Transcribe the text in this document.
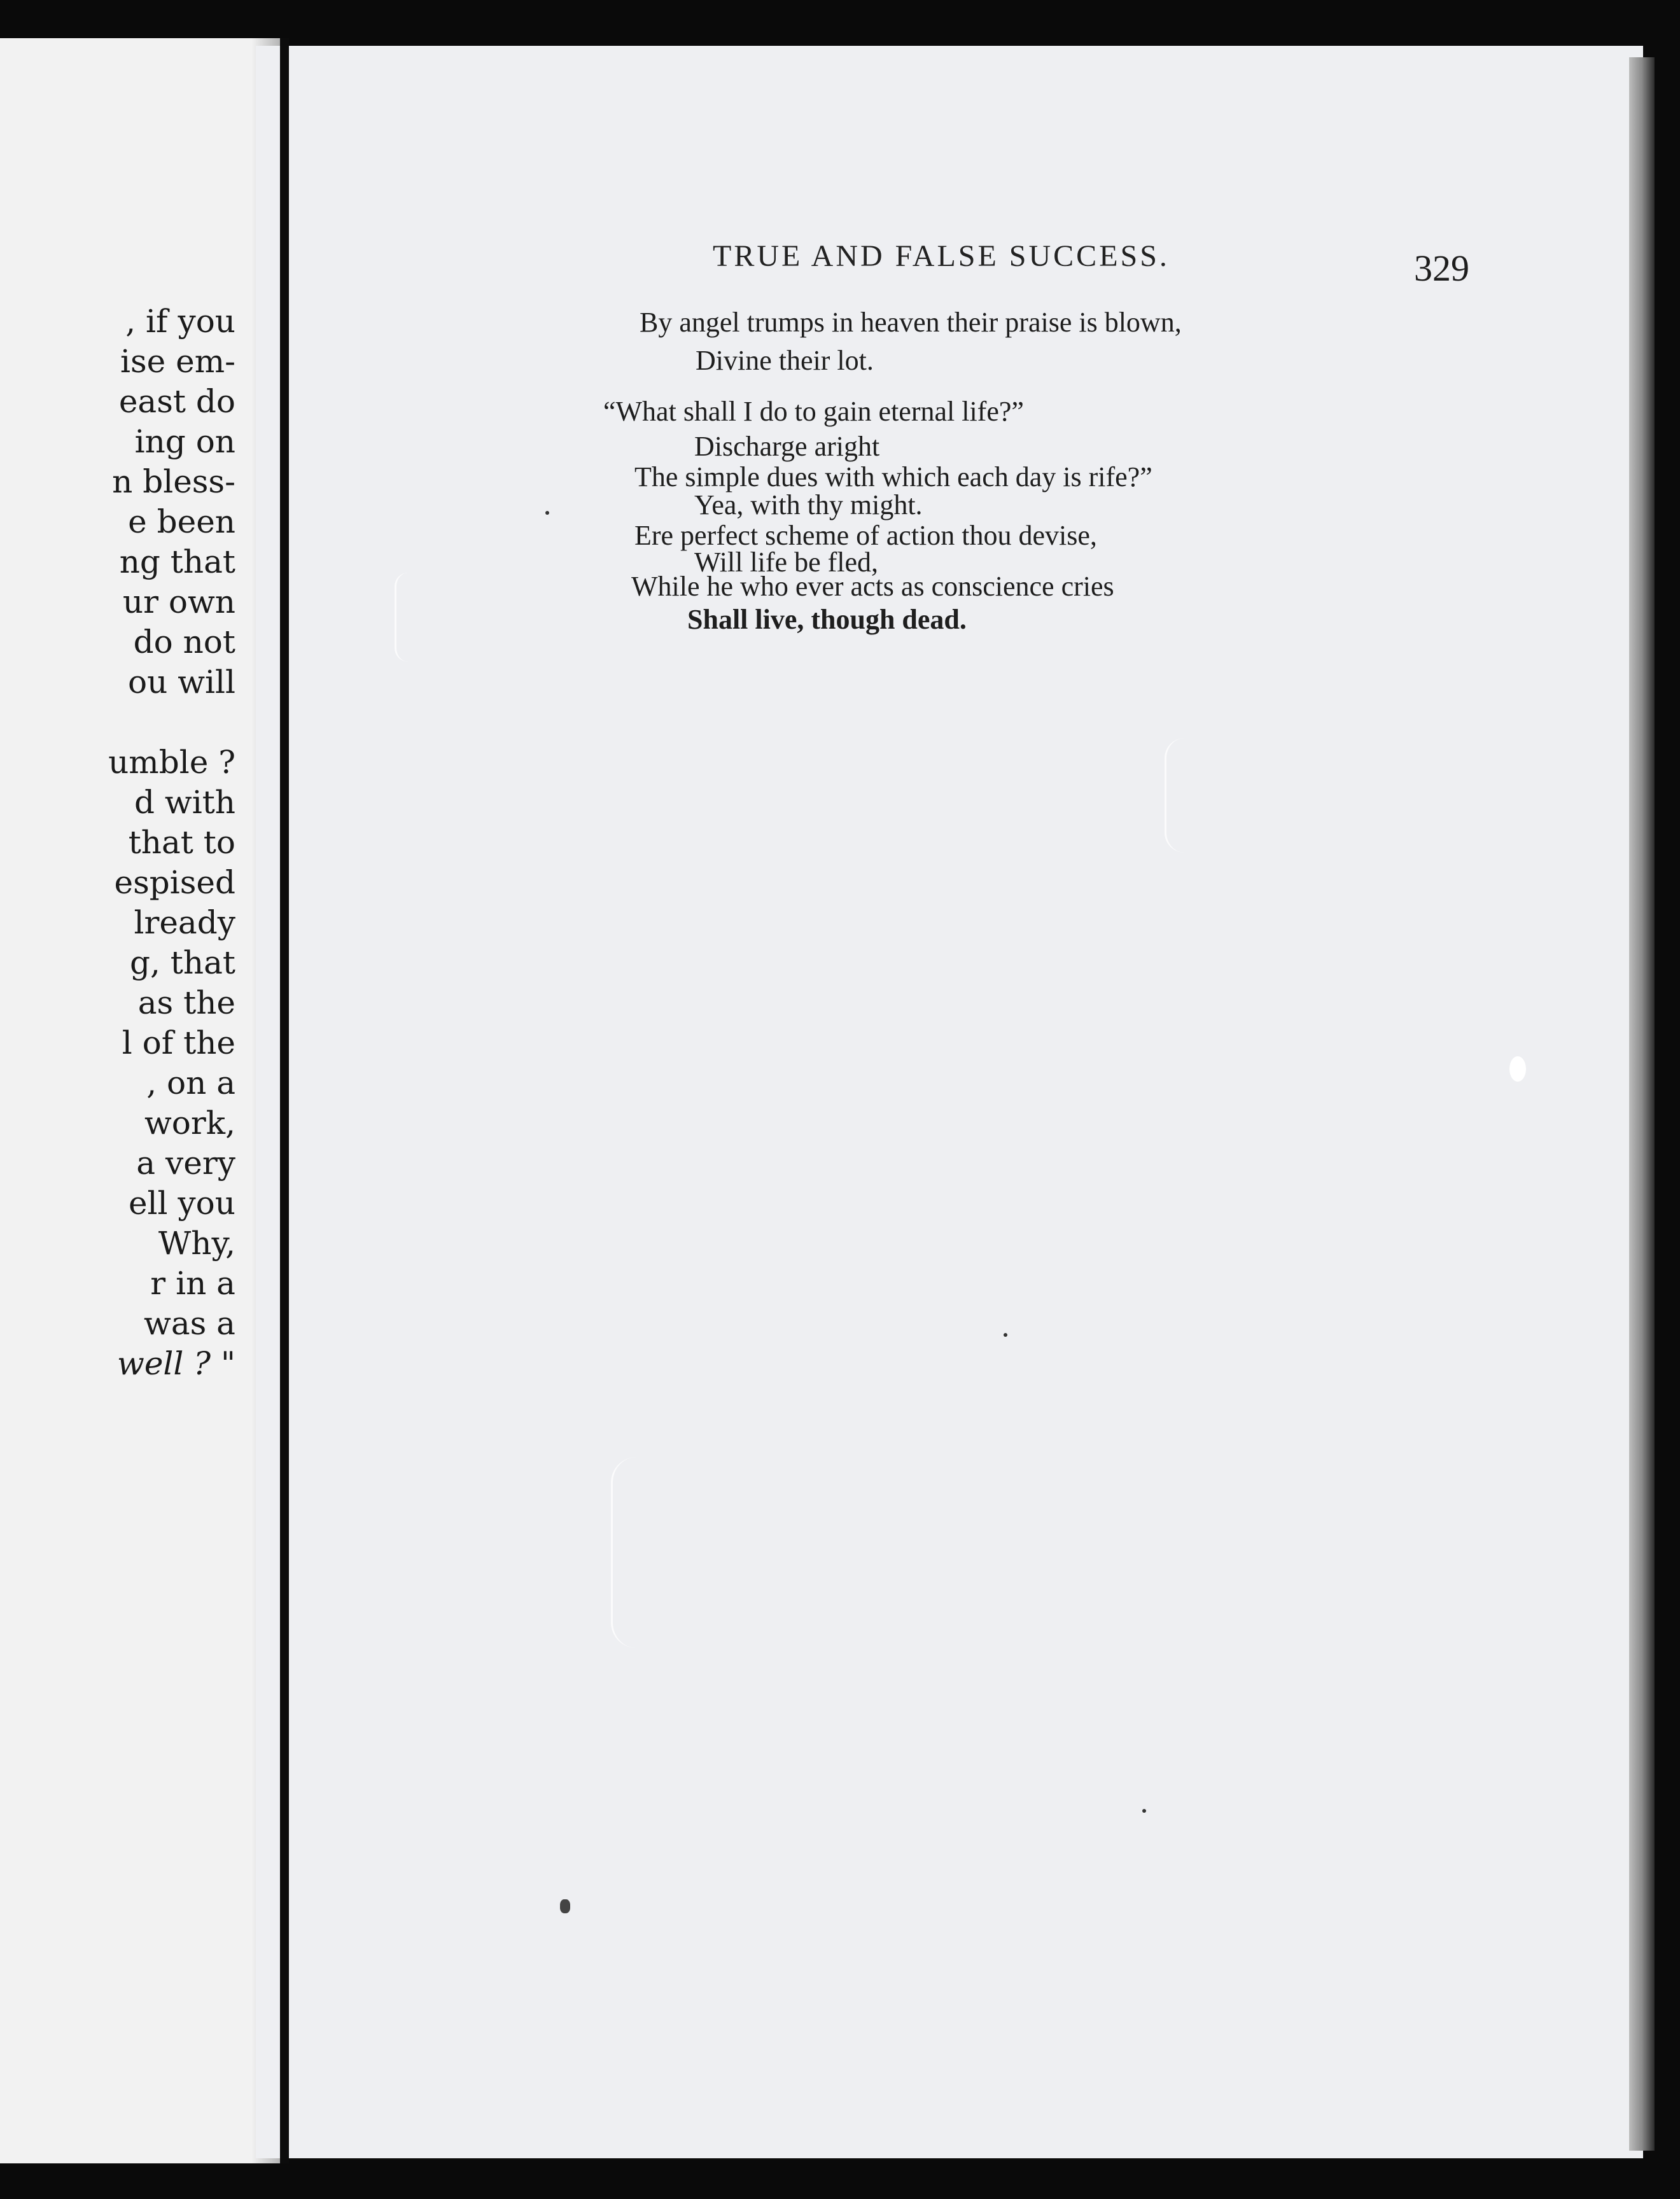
, if you
ise em-
east do
ing on
n bless-
e been
ng that
ur own
do not
ou will
umble ?
d with
that to
espised
lready
g, that
as the
l of the
, on a
work,
a very
ell you
Why,
r in a
was a
well ? "
TRUE AND FALSE SUCCESS.	329
By angel trumps in heaven their praise is blown,
Divine their lot.
“What shall I do to gain eternal life?”
Discharge aright
The simple dues with which each day is rife?”
Yea, with thy might.
Ere perfect scheme of action thou devise,
Will life be fled,
While he who ever acts as conscience cries
Shall live, though dead.
